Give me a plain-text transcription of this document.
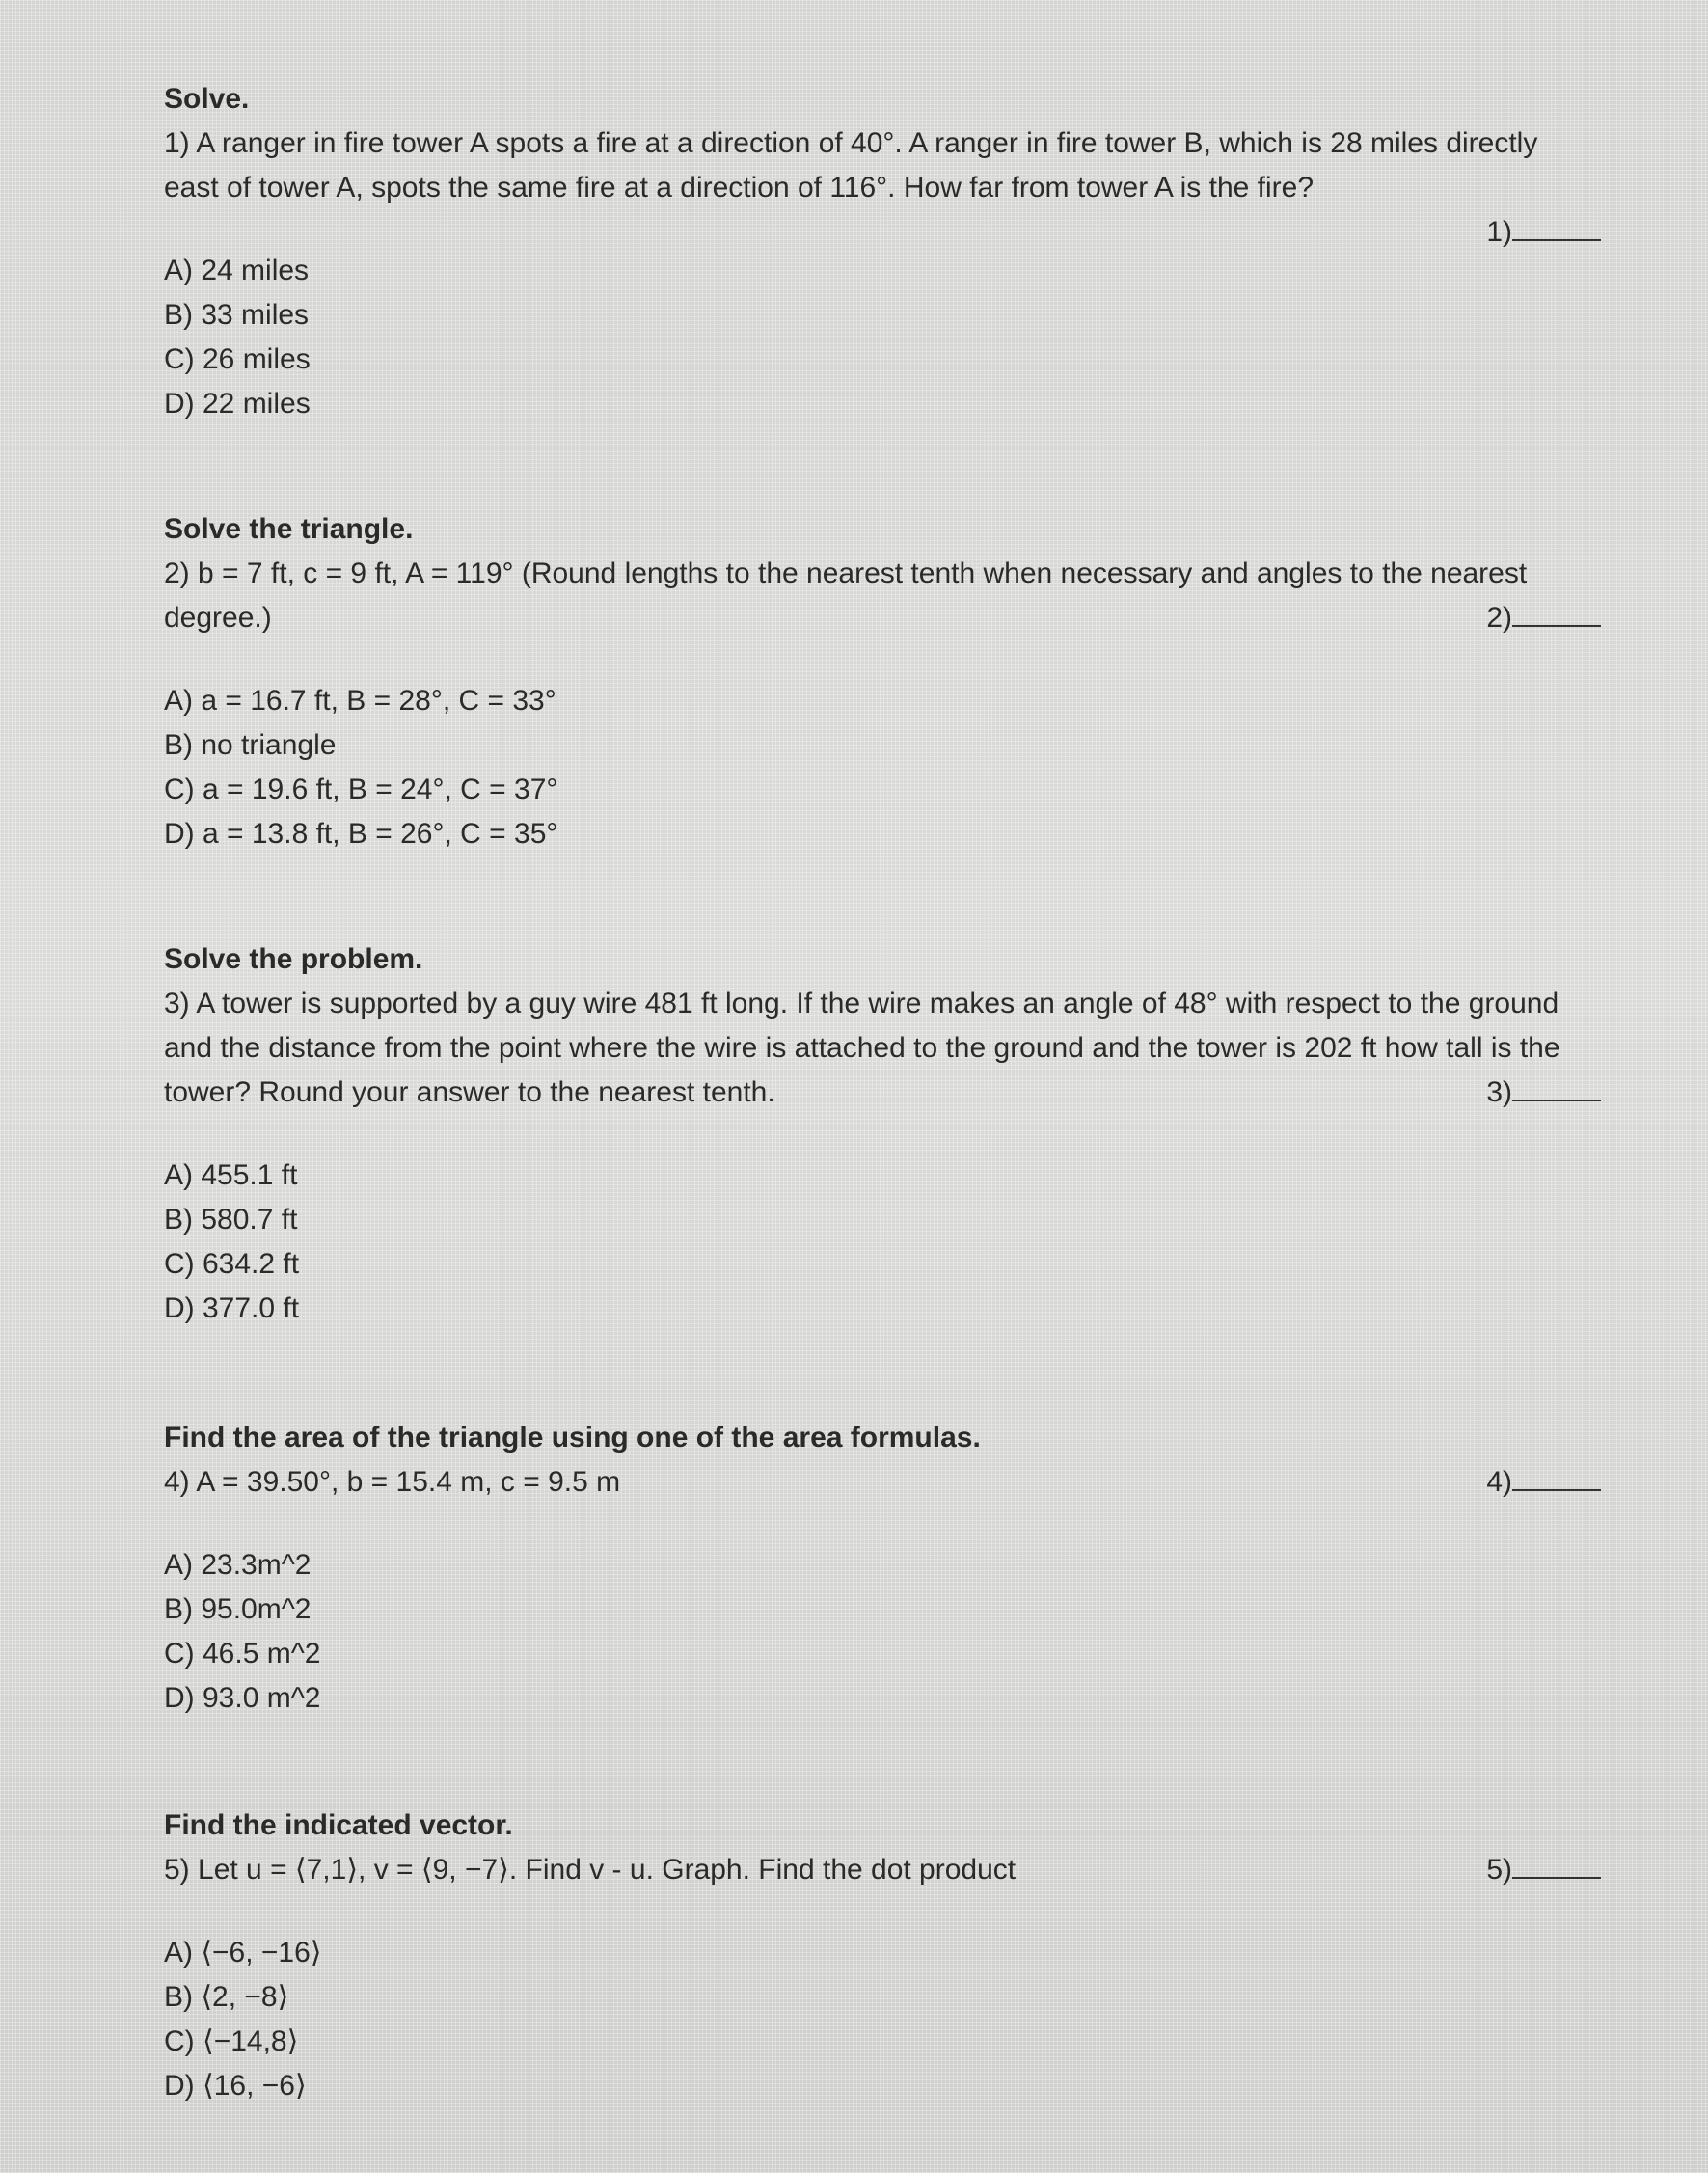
Solve.
1) A ranger in fire tower A spots a fire at a direction of 40°. A ranger in fire tower B, which is 28 miles directly east of tower A, spots the same fire at a direction of 116°. How far from tower A is the fire?
1)
A) 24 miles
B) 33 miles
C) 26 miles
D) 22 miles
Solve the triangle.
2) b = 7 ft, c = 9 ft, A = 119° (Round lengths to the nearest tenth when necessary and angles to the nearest degree.)	2)
A) a = 16.7 ft, B = 28°, C = 33°
B) no triangle
C) a = 19.6 ft, B = 24°, C = 37°
D) a = 13.8 ft, B = 26°, C = 35°
Solve the problem.
3) A tower is supported by a guy wire 481 ft long. If the wire makes an angle of 48° with respect to the ground and the distance from the point where the wire is attached to the ground and the tower is 202 ft how tall is the tower? Round your answer to the nearest tenth.	3)
A) 455.1 ft
B) 580.7 ft
C) 634.2 ft
D) 377.0 ft
Find the area of the triangle using one of the area formulas.
4) A = 39.50°, b = 15.4 m, c = 9.5 m	4)
A) 23.3m^2
B) 95.0m^2
C) 46.5 m^2
D) 93.0 m^2
Find the indicated vector.
5) Let u = ⟨7,1⟩, v = ⟨9, −7⟩. Find v - u. Graph. Find the dot product	5)
A) ⟨−6, −16⟩
B) ⟨2, −8⟩
C) ⟨−14,8⟩
D) ⟨16, −6⟩
